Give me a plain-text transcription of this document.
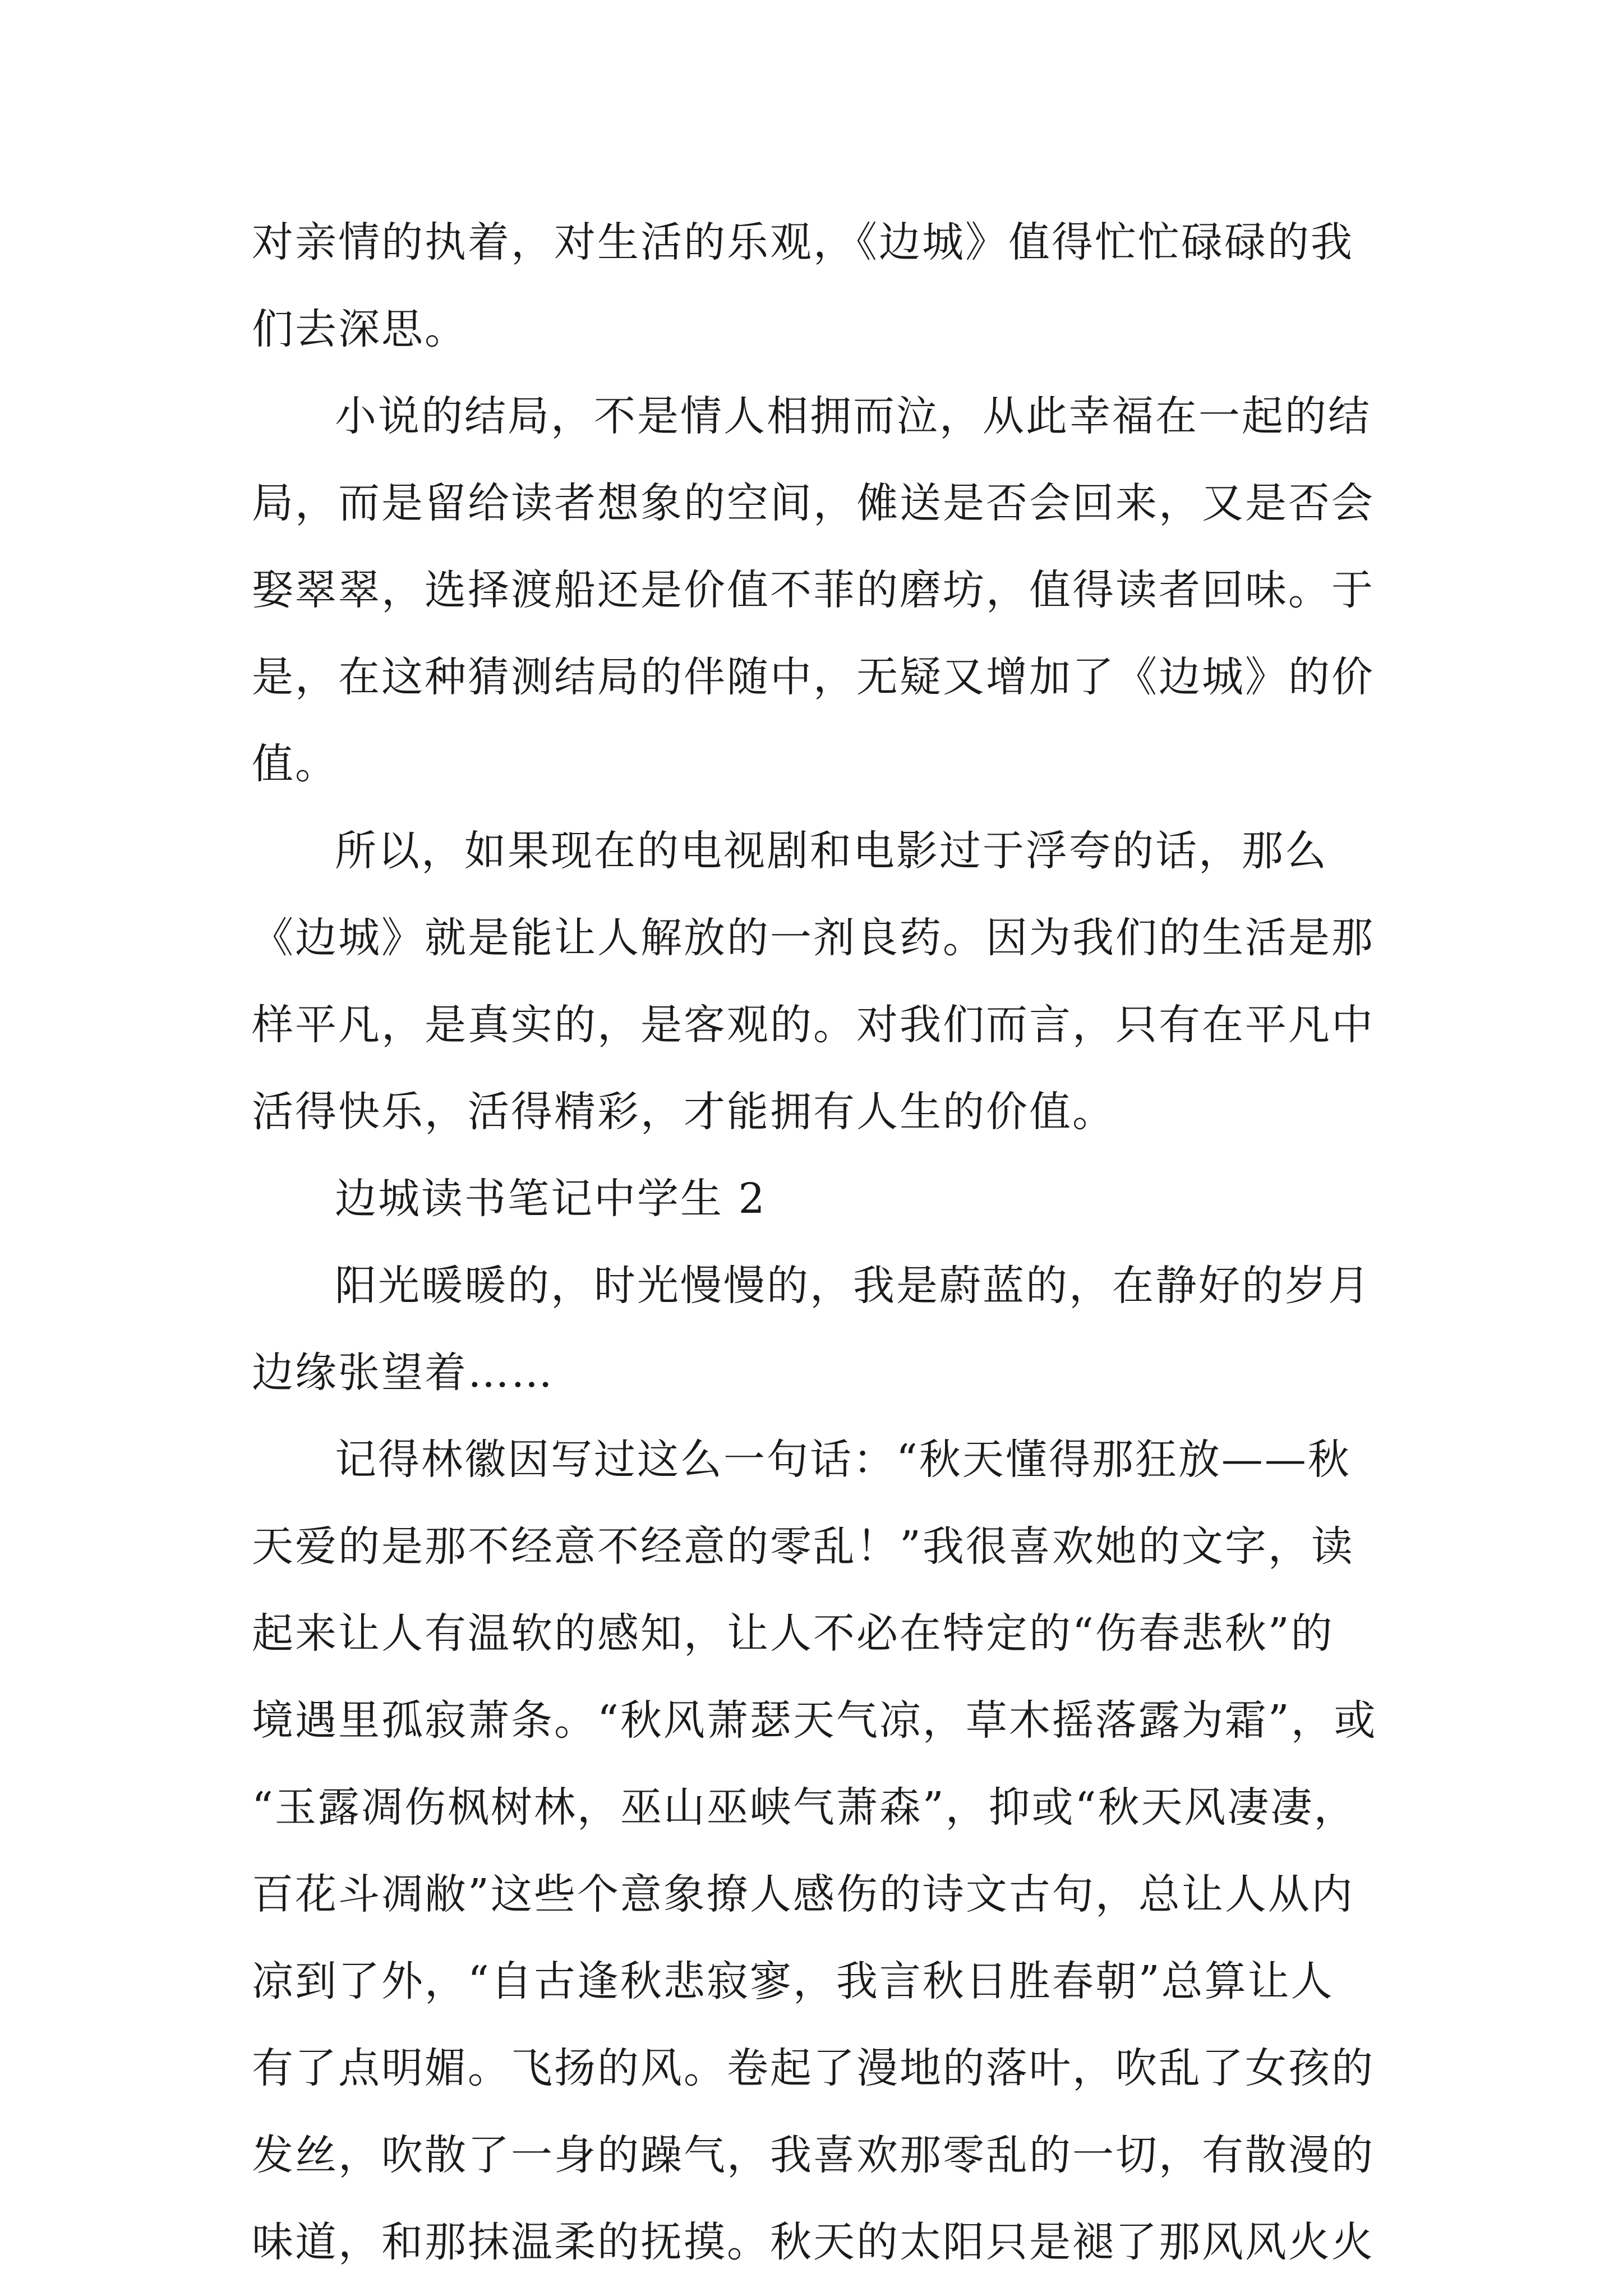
对亲情的执着，对生活的乐观，《边城》值得忙忙碌碌的我
们去深思。
小说的结局，不是情人相拥而泣，从此幸福在一起的结
局，而是留给读者想象的空间，傩送是否会回来，又是否会
娶翠翠，选择渡船还是价值不菲的磨坊，值得读者回味。于
是，在这种猜测结局的伴随中，无疑又增加了《边城》的价
值。
所以，如果现在的电视剧和电影过于浮夸的话，那么
《边城》就是能让人解放的一剂良药。因为我们的生活是那
样平凡，是真实的，是客观的。对我们而言，只有在平凡中
活得快乐，活得精彩，才能拥有人生的价值。
边城读书笔记中学生 2
阳光暖暖的，时光慢慢的，我是蔚蓝的，在静好的岁月
边缘张望着……
记得林徽因写过这么一句话：“秋天懂得那狂放——秋
天爱的是那不经意不经意的零乱！”我很喜欢她的文字，读
起来让人有温软的感知，让人不必在特定的“伤春悲秋”的
境遇里孤寂萧条。“秋风萧瑟天气凉，草木摇落露为霜”，或
“玉露凋伤枫树林，巫山巫峡气萧森”，抑或“秋天风凄凄，
百花斗凋敝”这些个意象撩人感伤的诗文古句，总让人从内
凉到了外，“自古逢秋悲寂寥，我言秋日胜春朝”总算让人
有了点明媚。飞扬的风。卷起了漫地的落叶，吹乱了女孩的
发丝，吹散了一身的躁气，我喜欢那零乱的一切，有散漫的
味道，和那抹温柔的抚摸。秋天的太阳只是褪了那风风火火
